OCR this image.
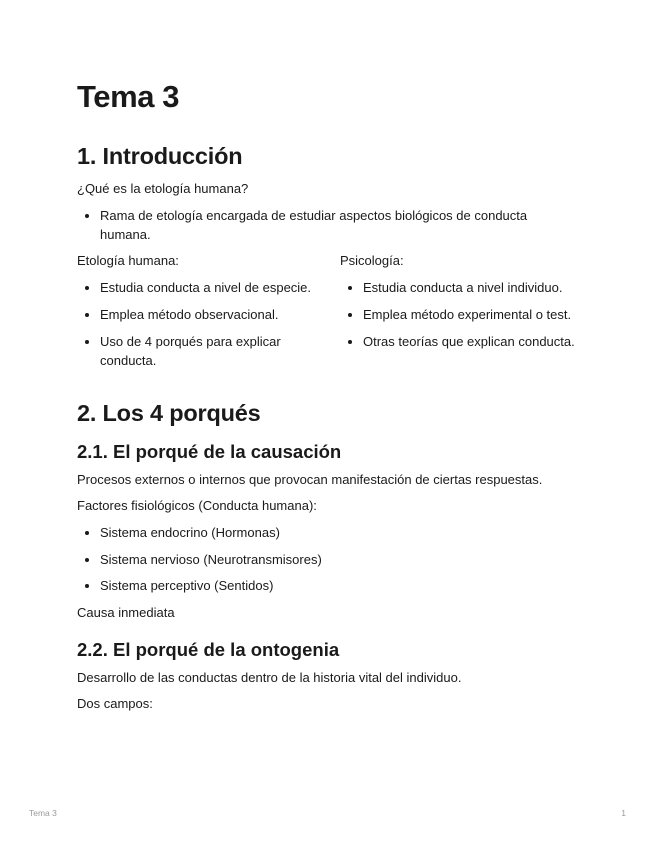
Tema 3
1. Introducción

¿Qué es la etología humana?

• Rama de etología encargada de estudiar aspectos biológicos de conducta humana.

Etología humana:

• Estudia conducta a nivel de especie.
• Emplea método observacional.
• Uso de 4 porqués para explicar conducta.

Psicología:

• Estudia conducta a nivel individuo.
• Emplea método experimental o test.
• Otras teorías que explican conducta.
2. Los 4 porqués
2.1. El porqué de la causación

Procesos externos o internos que provocan manifestación de ciertas respuestas.

Factores fisiológicos (Conducta humana):

• Sistema endocrino (Hormonas)
• Sistema nervioso (Neurotransmisores)
• Sistema perceptivo (Sentidos)

Causa inmediata

2.2. El porqué de la ontogenia

Desarrollo de las conductas dentro de la historia vital del individuo.

Dos campos:

Tema 3	1
